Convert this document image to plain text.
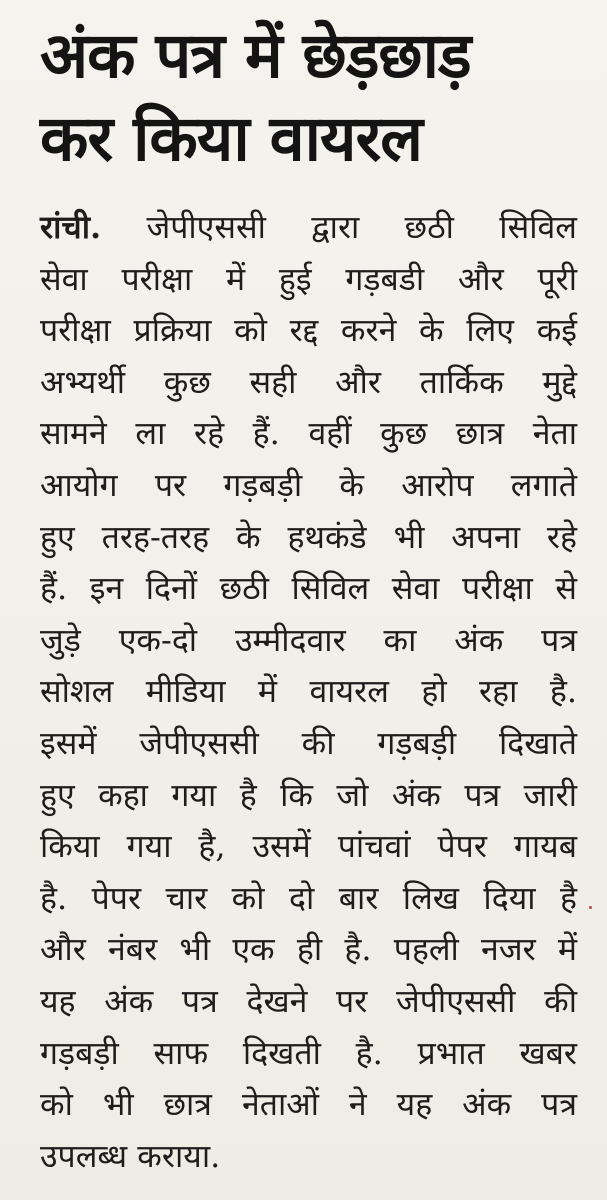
अंक पत्र में छेड़छाड़
कर किया वायरल
रांची. जेपीएससी द्वारा छठी सिविल
सेवा परीक्षा में हुई गड़बडी और पूरी
परीक्षा प्रक्रिया को रद्द करने के लिए कई
अभ्यर्थी कुछ सही और तार्किक मुद्दे
सामने ला रहे हैं. वहीं कुछ छात्र नेता
आयोग पर गड़बड़ी के आरोप लगाते
हुए तरह-तरह के हथकंडे भी अपना रहे
हैं. इन दिनों छठी सिविल सेवा परीक्षा से
जुड़े एक-दो उम्मीदवार का अंक पत्र
सोशल मीडिया में वायरल हो रहा है.
इसमें जेपीएससी की गड़बड़ी दिखाते
हुए कहा गया है कि जो अंक पत्र जारी
किया गया है, उसमें पांचवां पेपर गायब
है. पेपर चार को दो बार लिख दिया है
और नंबर भी एक ही है. पहली नजर में
यह अंक पत्र देखने पर जेपीएससी की
गड़बड़ी साफ दिखती है. प्रभात खबर
को भी छात्र नेताओं ने यह अंक पत्र
उपलब्ध कराया.
